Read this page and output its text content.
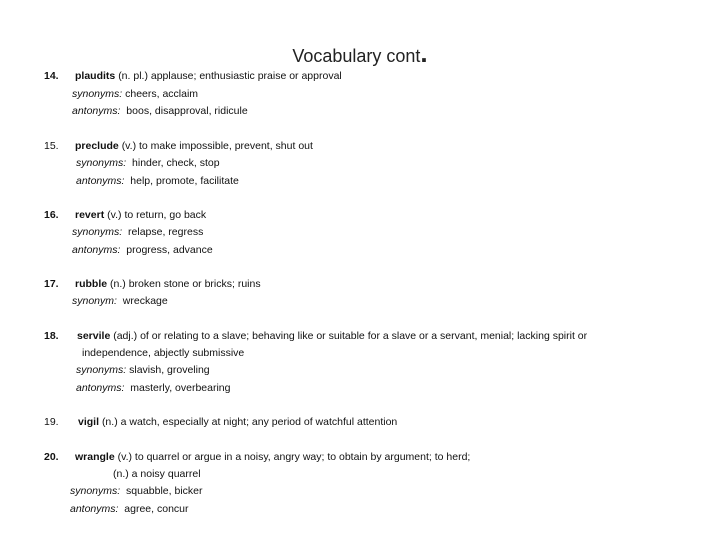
Vocabulary cont.
14. plaudits (n. pl.) applause; enthusiastic praise or approval
synonyms: cheers, acclaim
antonyms: boos, disapproval, ridicule
15. preclude (v.) to make impossible, prevent, shut out
synonyms: hinder, check, stop
antonyms: help, promote, facilitate
16. revert (v.) to return, go back
synonyms: relapse, regress
antonyms: progress, advance
17. rubble (n.) broken stone or bricks; ruins
synonym: wreckage
18. servile (adj.) of or relating to a slave; behaving like or suitable for a slave or a servant, menial; lacking spirit or
independence, abjectly submissive
synonyms: slavish, groveling
antonyms: masterly, overbearing
19. vigil (n.) a watch, especially at night; any period of watchful attention
20. wrangle (v.) to quarrel or argue in a noisy, angry way; to obtain by argument; to herd;
(n.) a noisy quarrel
synonyms: squabble, bicker
antonyms: agree, concur
